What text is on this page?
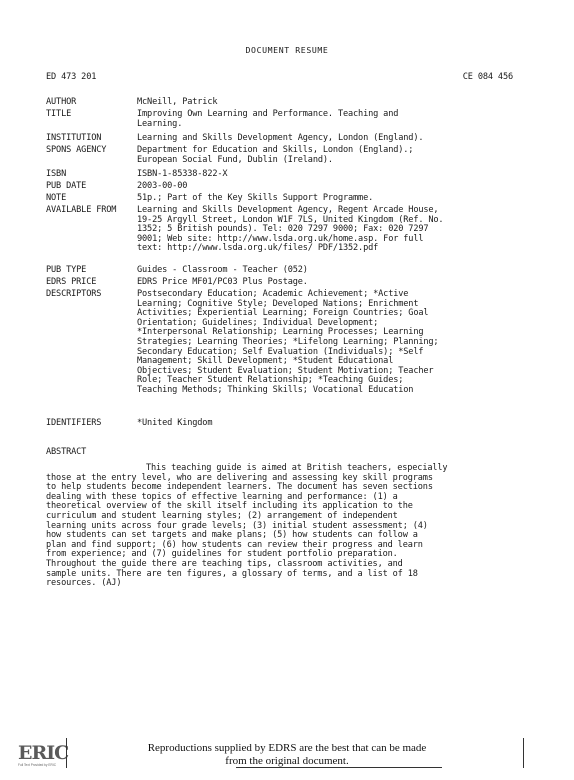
DOCUMENT RESUME
ED 473 201	CE 084 456
AUTHOR	McNeill, Patrick
TITLE	Improving Own Learning and Performance. Teaching and
Learning.
INSTITUTION	Learning and Skills Development Agency, London (England).
SPONS AGENCY	Department for Education and Skills, London (England).;
European Social Fund, Dublin (Ireland).
ISBN	ISBN-1-85338-822-X
PUB DATE	2003-00-00
NOTE	51p.; Part of the Key Skills Support Programme.
AVAILABLE FROM	Learning and Skills Development Agency, Regent Arcade House,
19-25 Argyll Street, London W1F 7LS, United Kingdom (Ref. No.
1352; 5 British pounds). Tel: 020 7297 9000; Fax: 020 7297
9001; Web site: http://www.lsda.org.uk/home.asp. For full
text: http://www.lsda.org.uk/files/ PDF/1352.pdf
PUB TYPE	Guides - Classroom - Teacher (052)
EDRS PRICE	EDRS Price MF01/PC03 Plus Postage.
DESCRIPTORS	Postsecondary Education; Academic Achievement; *Active
Learning; Cognitive Style; Developed Nations; Enrichment
Activities; Experiential Learning; Foreign Countries; Goal
Orientation; Guidelines; Individual Development;
*Interpersonal Relationship; Learning Processes; Learning
Strategies; Learning Theories; *Lifelong Learning; Planning;
Secondary Education; Self Evaluation (Individuals); *Self
Management; Skill Development; *Student Educational
Objectives; Student Evaluation; Student Motivation; Teacher
Role; Teacher Student Relationship; *Teaching Guides;
Teaching Methods; Thinking Skills; Vocational Education
IDENTIFIERS	*United Kingdom
ABSTRACT
This teaching guide is aimed at British teachers, especially
those at the entry level, who are delivering and assessing key skill programs
to help students become independent learners. The document has seven sections
dealing with these topics of effective learning and performance: (1) a
theoretical overview of the skill itself including its application to the
curriculum and student learning styles; (2) arrangement of independent
learning units across four grade levels; (3) initial student assessment; (4)
how students can set targets and make plans; (5) how students can follow a
plan and find support; (6) how students can review their progress and learn
from experience; and (7) guidelines for student portfolio preparation.
Throughout the guide there are teaching tips, classroom activities, and
sample units. There are ten figures, a glossary of terms, and a list of 18
resources. (AJ)
ERIC
Full Text Provided by ERIC
Reproductions supplied by EDRS are the best that can be made
from the original document.
